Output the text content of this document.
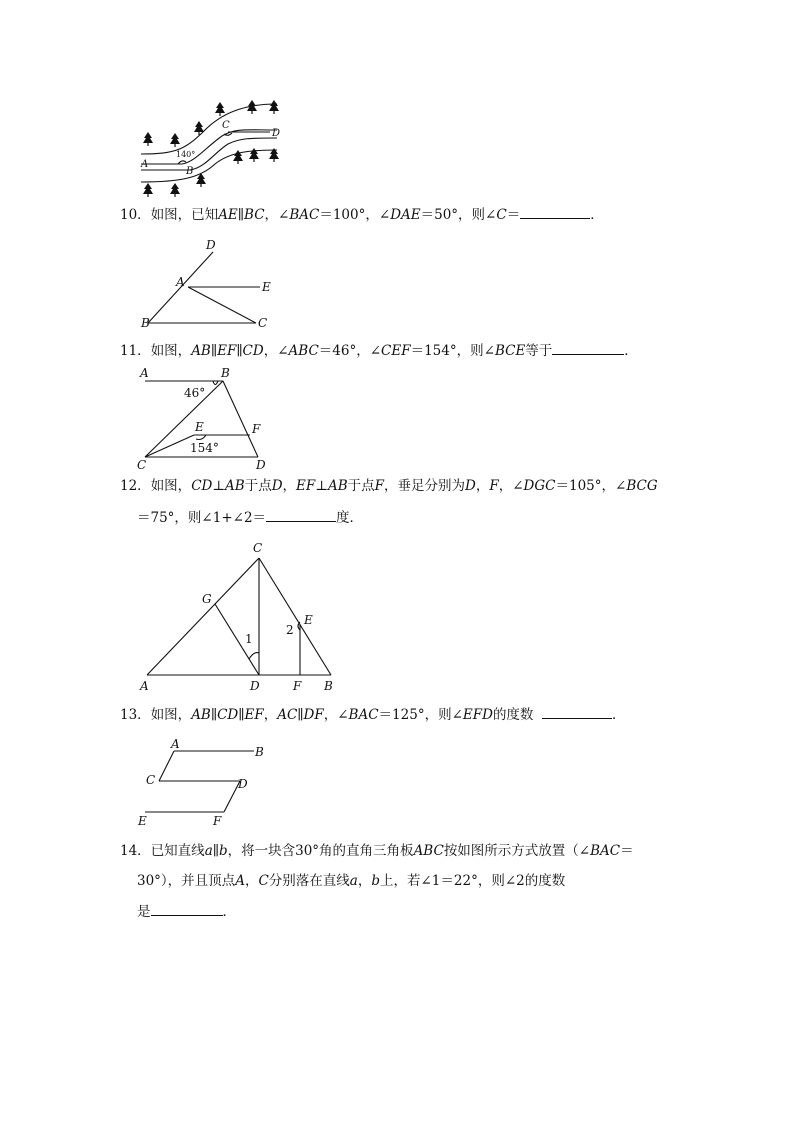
A
B
C
D
140°
10．如图，已知AE∥BC，∠BAC＝100°，∠DAE＝50°，则∠C＝	．
D
A	E
B	C
11．如图，AB∥EF∥CD，∠ABC＝46°，∠CEF＝154°，则∠BCE等于	．
A	B
E	F
C	D
46°
154°
12．如图，CD⊥AB于点D，EF⊥AB于点F，垂足分别为D，F，∠DGC＝105°，∠BCG
＝75°，则∠1+∠2＝	度．
C
G
E
1
2
A	D	F B
13．如图，AB∥CD∥EF，AC∥DF，∠BAC＝125°，则∠EFD的度数	．
A
B
C	D
E	F
14．已知直线a∥b，将一块含30°角的直角三角板ABC按如图所示方式放置（∠BAC＝
30°），并且顶点A，C分别落在直线a，b上，若∠1＝22°，则∠2的度数
是	．
